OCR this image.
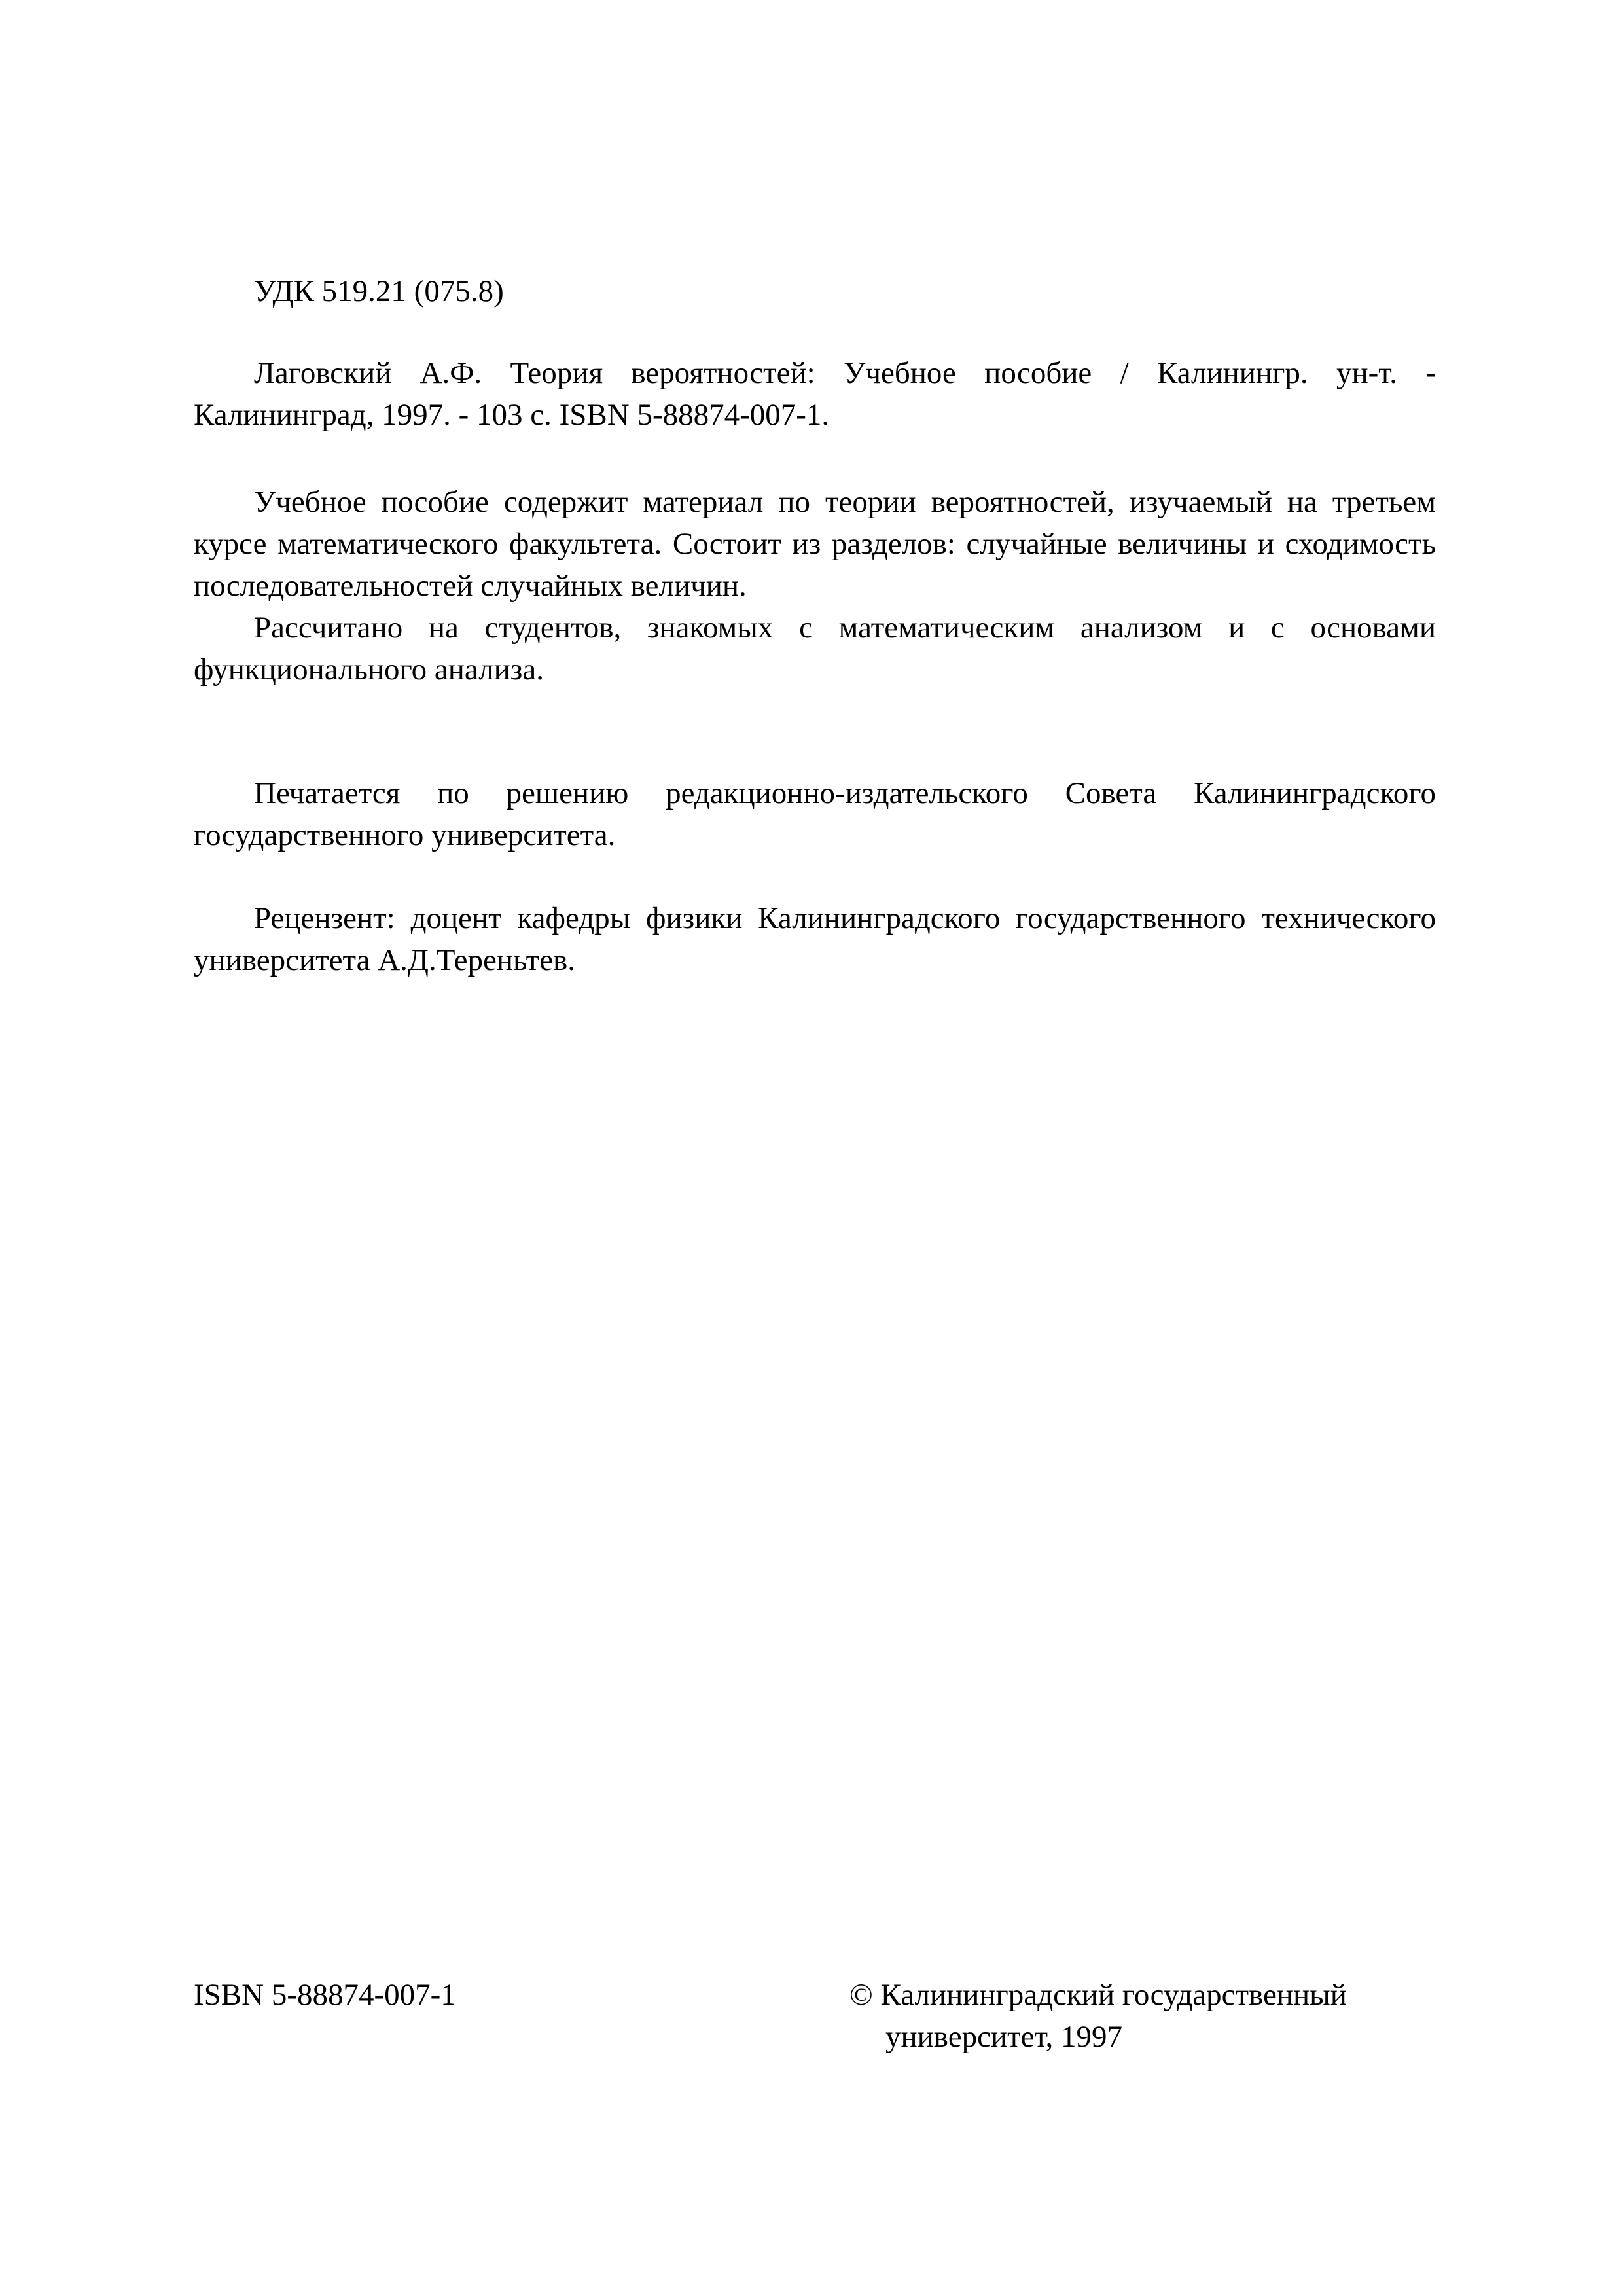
УДК 519.21 (075.8)

Лаговский А.Ф. Теория вероятностей: Учебное пособие / Калинингр. ун-т. - Калининград, 1997. - 103 с. ISBN 5-88874-007-1.

Учебное пособие содержит материал по теории вероятностей, изучаемый на третьем курсе математического факультета. Состоит из разделов: случайные величины и сходимость последовательностей случайных величин.

Рассчитано на студентов, знакомых с математическим анализом и с основами функционального анализа.

Печатается по решению редакционно-издательского Совета Калининградского государственного университета.

Рецензент: доцент кафедры физики Калининградского государственного технического университета А.Д.Тереньтев.

ISBN 5-88874-007-1	© Калининградский государственный
университет, 1997
